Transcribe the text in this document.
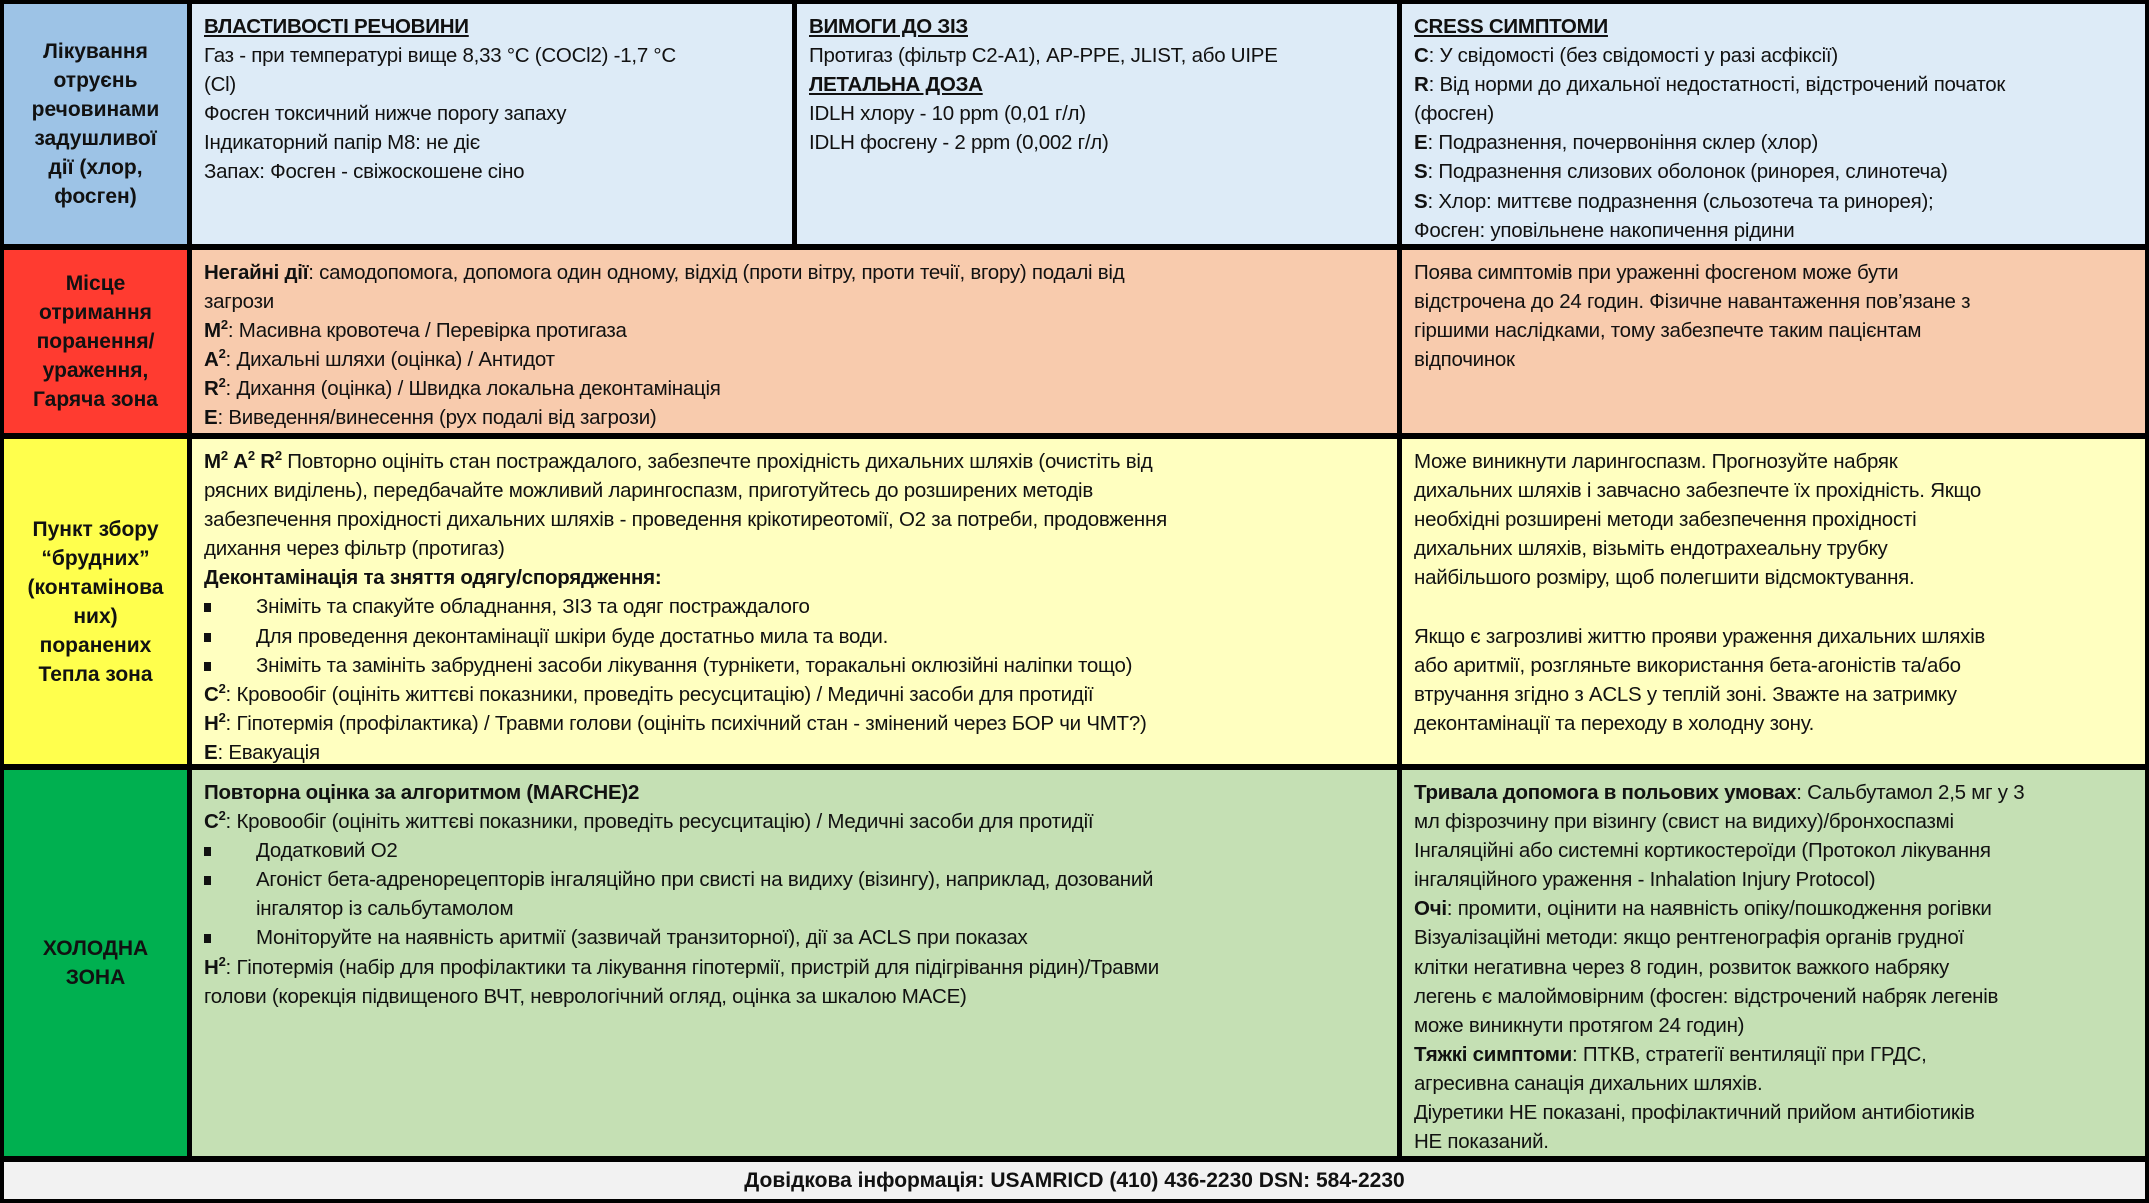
Лікування
отруєнь
речовинами
задушливої
дії (хлор,
фосген)
ВЛАСТИВОСТІ РЕЧОВИНИ
Газ - при температурі вище 8,33 °C (COCl2) -1,7 °C
(Cl)
Фосген токсичний нижче порогу запаху
Індикаторний папір M8: не діє
Запах: Фосген - свіжоскошене сіно
ВИМОГИ ДО ЗІЗ
Протигаз (фільтр C2-A1), AP-PPE, JLIST, або UIPE
ЛЕТАЛЬНА ДОЗА
IDLH хлору - 10 ppm (0,01 г/л)
IDLH фосгену - 2 ppm (0,002 г/л)
CRESS СИМПТОМИ
C: У свідомості (без свідомості у разі асфіксії)
R: Від норми до дихальної недостатності, відстрочений початок
(фосген)
E: Подразнення, почервоніння склер (хлор)
S: Подразнення слизових оболонок (ринорея, слинотеча)
S: Хлор: миттєве подразнення (сльозотеча та ринорея);
Фосген: уповільнене накопичення рідини
Місце
отримання
поранення/
ураження,
Гаряча зона
Негайні дії: самодопомога, допомога один одному, відхід (проти вітру, проти течії, вгору) подалі від
загрози
$M^2$: Масивна кровотеча / Перевірка протигаза
$A^2$: Дихальні шляхи (оцінка) / Антидот
$R^2$: Дихання (оцінка) / Швидка локальна деконтамінація
E: Виведення/винесення (рух подалі від загрози)
Поява симптомів при ураженні фосгеном може бути
відстрочена до 24 годин. Фізичне навантаження пов’язане з
гіршими наслідками, тому забезпечте таким пацієнтам
відпочинок
Пункт збору
“брудних”
(контамінова
них)
поранених
Тепла зона
$M^2$ $A^2$ $R^2$ Повторно оцініть стан постраждалого, забезпечте прохідність дихальних шляхів (очистіть від
рясних виділень), передбачайте можливий ларингоспазм, приготуйтесь до розширених методів
забезпечення прохідності дихальних шляхів - проведення крікотиреотомії, O2 за потреби, продовження
дихання через фільтр (протигаз)
Деконтамінація та зняття одягу/спорядження:
Зніміть та спакуйте обладнання, ЗІЗ та одяг постраждалого
Для проведення деконтамінації шкіри буде достатньо мила та води.
Зніміть та замініть забруднені засоби лікування (турнікети, торакальні оклюзійні наліпки тощо)
$C^2$: Кровообіг (оцініть життєві показники, проведіть ресусцитацію) / Медичні засоби для протидії
$H^2$: Гіпотермія (профілактика) / Травми голови (оцініть психічний стан - змінений через БОР чи ЧМТ?)
E: Евакуація
Може виникнути ларингоспазм. Прогнозуйте набряк
дихальних шляхів і завчасно забезпечте їх прохідність. Якщо
необхідні розширені методи забезпечення прохідності
дихальних шляхів, візьміть ендотрахеальну трубку
найбільшого розміру, щоб полегшити відсмоктування.
Якщо є загрозливі життю прояви ураження дихальних шляхів
або аритмії, розгляньте використання бета-агоністів та/або
втручання згідно з ACLS у теплій зоні. Зважте на затримку
деконтамінації та переходу в холодну зону.
ХОЛОДНА
ЗОНА
Повторна оцінка за алгоритмом (MARCHE)2
$C^2$: Кровообіг (оцініть життєві показники, проведіть ресусцитацію) / Медичні засоби для протидії
Додатковий O2
Агоніст бета-адренорецепторів інгаляційно при свисті на видиху (візингу), наприклад, дозований
інгалятор із сальбутамолом
Моніторуйте на наявність аритмії (зазвичай транзиторної), дії за ACLS при показах
$H^2$: Гіпотермія (набір для профілактики та лікування гіпотермії, пристрій для підігрівання рідин)/Травми
голови (корекція підвищеного ВЧТ, неврологічний огляд, оцінка за шкалою MACE)
Тривала допомога в польових умовах: Сальбутамол 2,5 мг у 3
мл фізрозчину при візингу (свист на видиху)/бронхоспазмі
Інгаляційні або системні кортикостероїди (Протокол лікування
інгаляційного ураження - Inhalation Injury Protocol)
Очі: промити, оцінити на наявність опіку/пошкодження рогівки
Візуалізаційні методи: якщо рентгенографія органів грудної
клітки негативна через 8 годин, розвиток важкого набряку
легень є малоймовірним (фосген: відстрочений набряк легенів
може виникнути протягом 24 годин)
Тяжкі симптоми: ПТКВ, стратегії вентиляції при ГРДС,
агресивна санація дихальних шляхів.
Діуретики НЕ показані, профілактичний прийом антибіотиків
НЕ показаний.
Довідкова інформація: USAMRICD (410) 436-2230 DSN: 584-2230
